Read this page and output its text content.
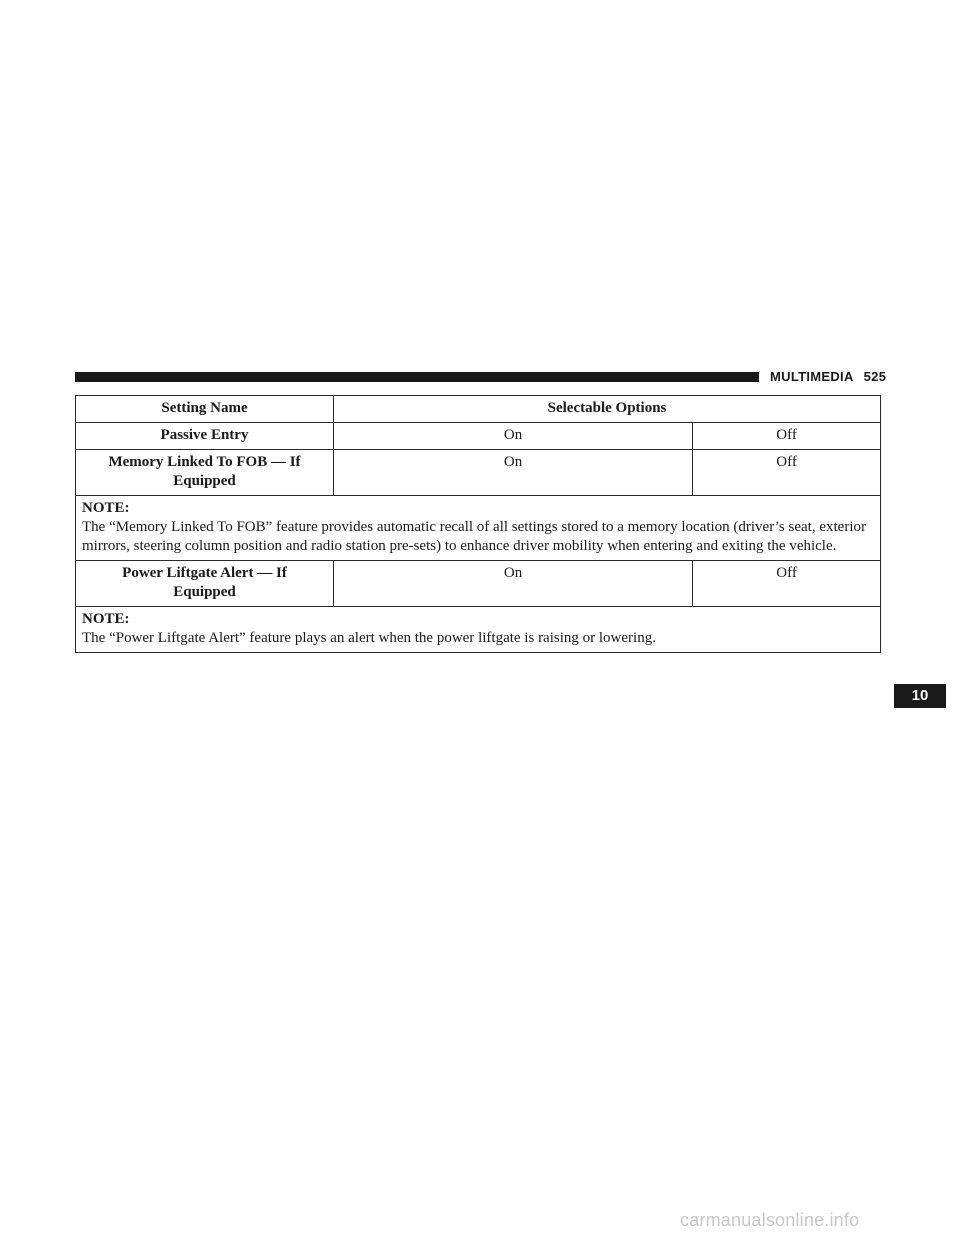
MULTIMEDIA 525
Setting Name	Selectable Options	
Passive Entry	On	Off
Memory Linked To FOB — If Equipped	On	Off

NOTE:
The “Memory Linked To FOB” feature provides automatic recall of all settings stored to a memory location (driver’s seat, exterior mirrors, steering column position and radio station pre-sets) to enhance driver mobility when entering and exiting the vehicle.		
Power Liftgate Alert — If Equipped	On	Off

NOTE:
The “Power Liftgate Alert” feature plays an alert when the power liftgate is raising or lowering.		
10
carmanualsonline.info
